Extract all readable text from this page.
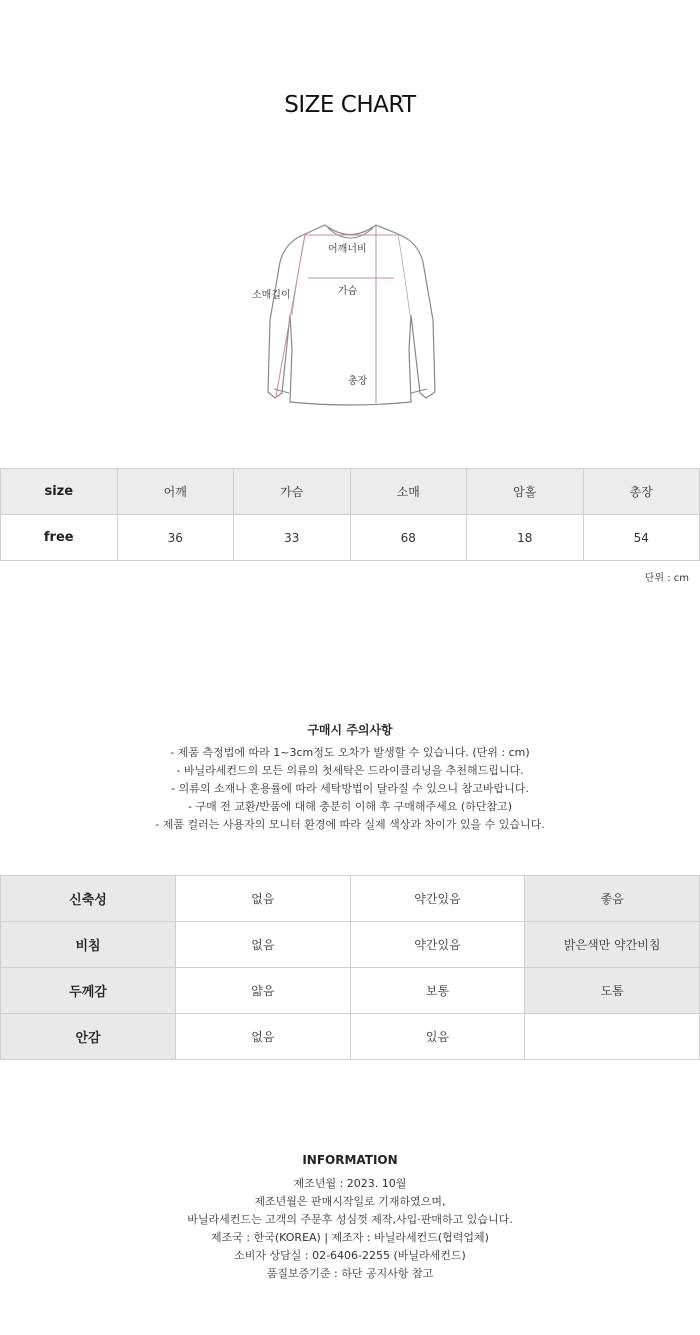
SIZE CHART
어깨너비
소매길이	가슴
총장
size	어깨	가슴	소매	암홀	총장
free	36	33	68	18	54
단위 : cm
구매시 주의사항
- 제품 측정법에 따라 1~3cm정도 오차가 발생할 수 있습니다. (단위 : cm)
- 바닐라세컨드의 모든 의류의 첫세탁은 드라이클리닝을 추천해드립니다.
- 의류의 소재나 혼용률에 따라 세탁방법이 달라질 수 있으니 참고바랍니다.
- 구매 전 교환/반품에 대해 충분히 이해 후 구매해주세요 (하단참고)
- 제품 컬러는 사용자의 모니터 환경에 따라 실제 색상과 차이가 있을 수 있습니다.
신축성	없음	약간있음	좋음
비침	없음	약간있음	밝은색만 약간비침
두께감	얇음	보통	도톰
안감	없음	있음	
INFORMATION
제조년월 : 2023. 10월
제조년월은 판매시작일로 기재하였으며,
바닐라세컨드는 고객의 주문후 성심껏 제작,사입·판매하고 있습니다.
제조국 : 한국(KOREA) | 제조자 : 바닐라세컨드(협력업체)
소비자 상담실 : 02-6406-2255 (바닐라세컨드)
품질보증기준 : 하단 공지사항 참고
